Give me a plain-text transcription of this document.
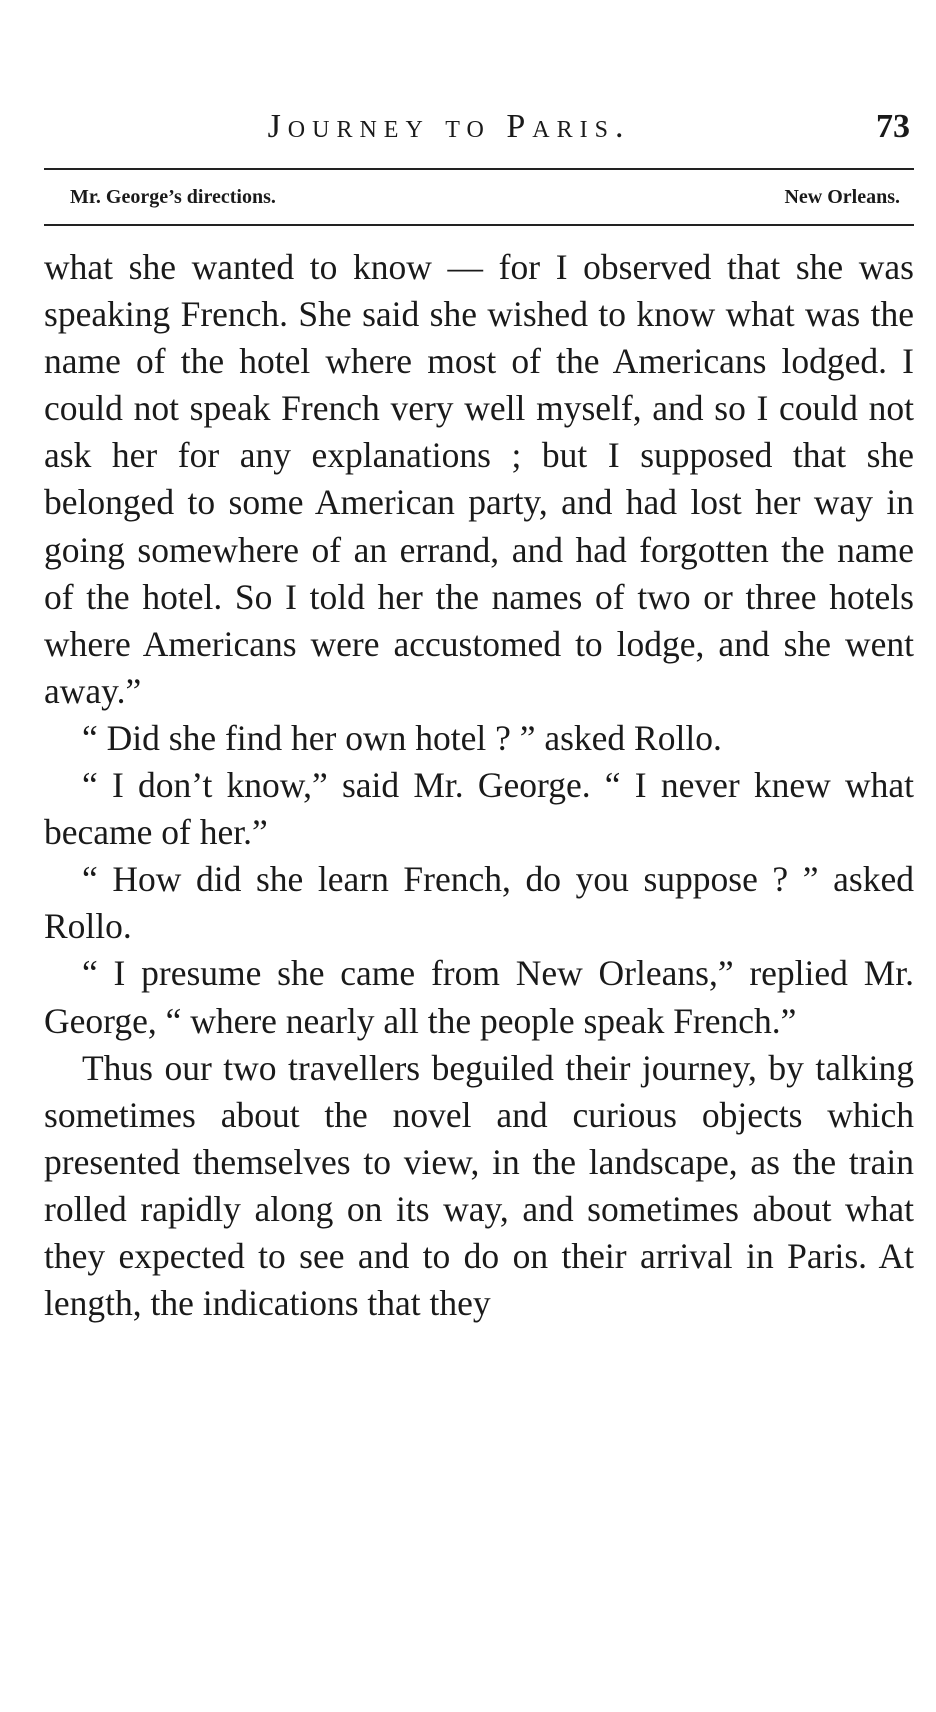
Journey to Paris.	73
Mr. George’s directions.	New Orleans.

what she wanted to know — for I observed that she was speaking French. She said she wished to know what was the name of the hotel where most of the Americans lodged. I could not speak French very well myself, and so I could not ask her for any explanations ; but I supposed that she belonged to some American party, and had lost her way in going somewhere of an errand, and had forgotten the name of the hotel. So I told her the names of two or three hotels where Americans were accustomed to lodge, and she went away.”

“ Did she find her own hotel ? ” asked Rollo.

“ I don’t know,” said Mr. George. “ I never knew what became of her.”

“ How did she learn French, do you suppose ? ” asked Rollo.

“ I presume she came from New Orleans,” replied Mr. George, “ where nearly all the people speak French.”

Thus our two travellers beguiled their journey, by talking sometimes about the novel and curious objects which presented themselves to view, in the landscape, as the train rolled rapidly along on its way, and sometimes about what they expected to see and to do on their arrival in Paris. At length, the indications that they
